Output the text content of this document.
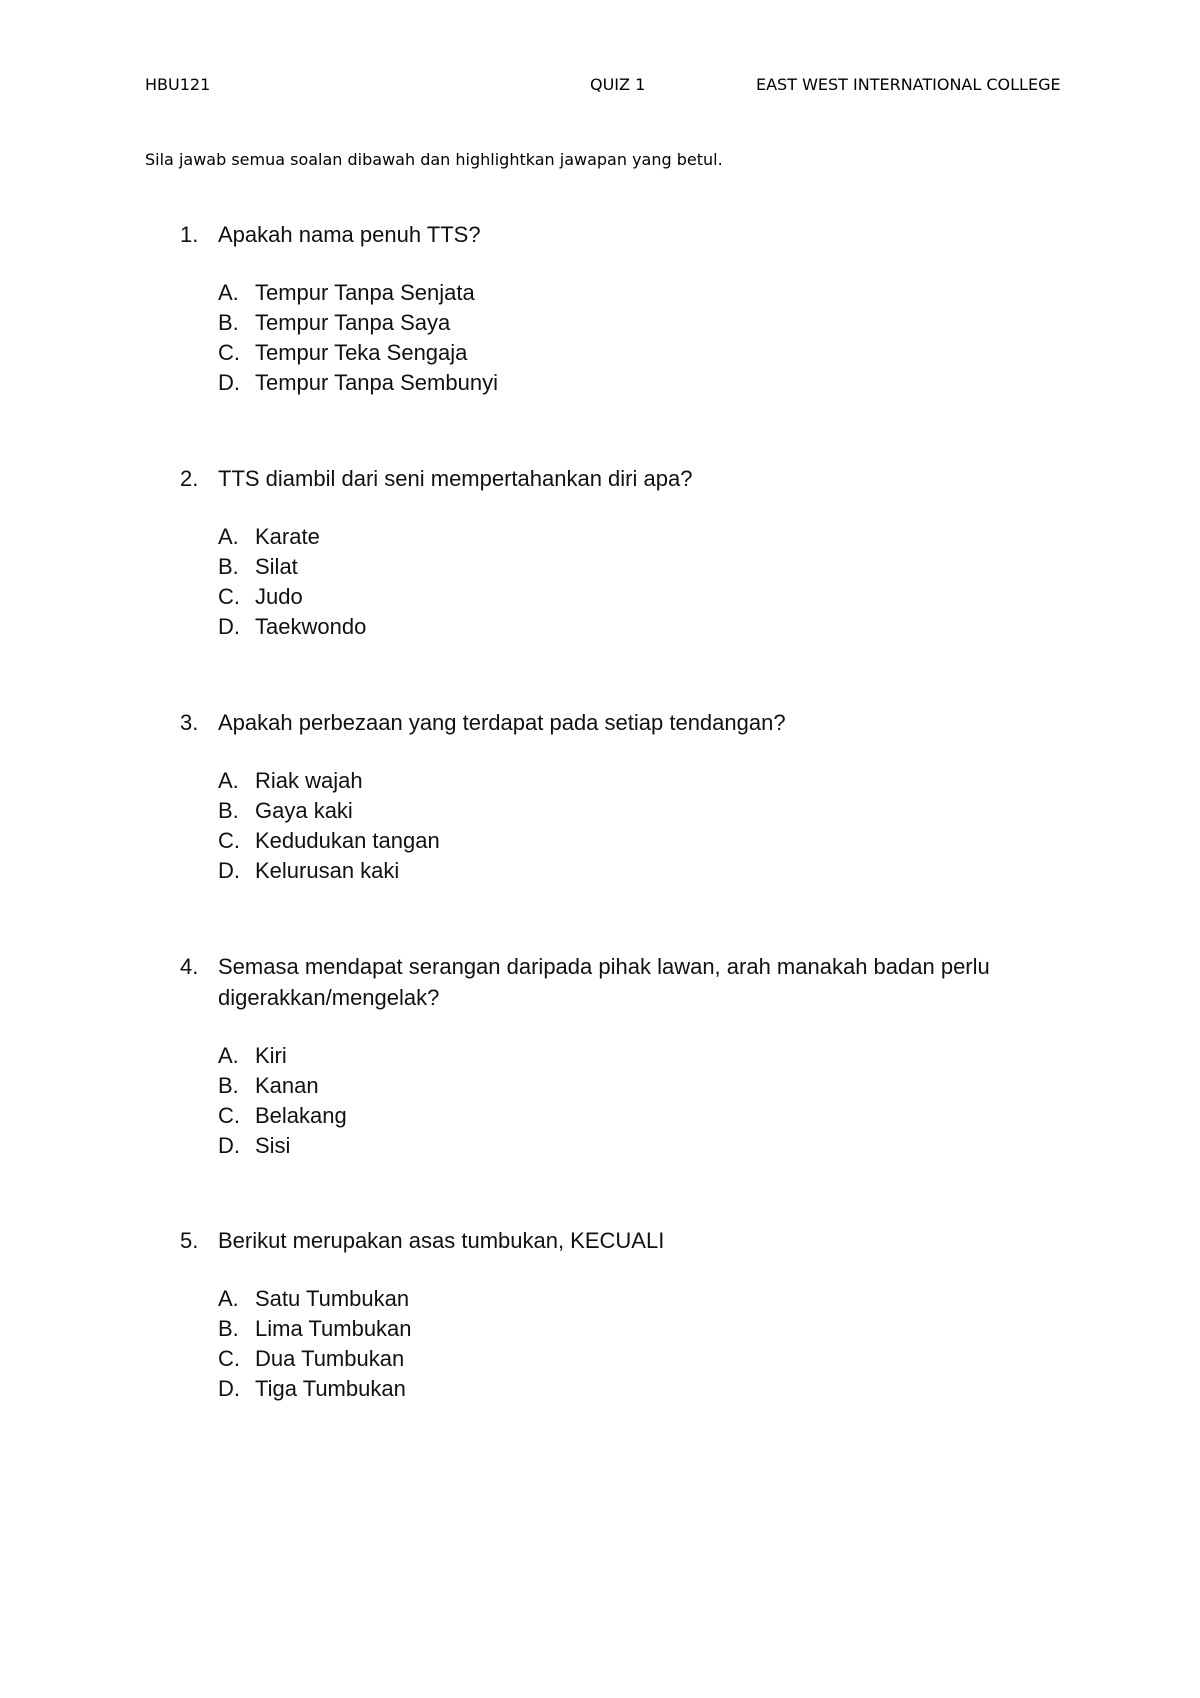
HBU121	QUIZ 1	EAST WEST INTERNATIONAL COLLEGE
Sila jawab semua soalan dibawah dan highlightkan jawapan yang betul.
1. Apakah nama penuh TTS?
A. Tempur Tanpa Senjata
B. Tempur Tanpa Saya
C. Tempur Teka Sengaja
D. Tempur Tanpa Sembunyi
2. TTS diambil dari seni mempertahankan diri apa?
A. Karate
B. Silat
C. Judo
D. Taekwondo
3. Apakah perbezaan yang terdapat pada setiap tendangan?
A. Riak wajah
B. Gaya kaki
C. Kedudukan tangan
D. Kelurusan kaki
4. Semasa mendapat serangan daripada pihak lawan, arah manakah badan perlu digerakkan/mengelak?
A. Kiri
B. Kanan
C. Belakang
D. Sisi
5. Berikut merupakan asas tumbukan, KECUALI
A. Satu Tumbukan
B. Lima Tumbukan
C. Dua Tumbukan
D. Tiga Tumbukan
